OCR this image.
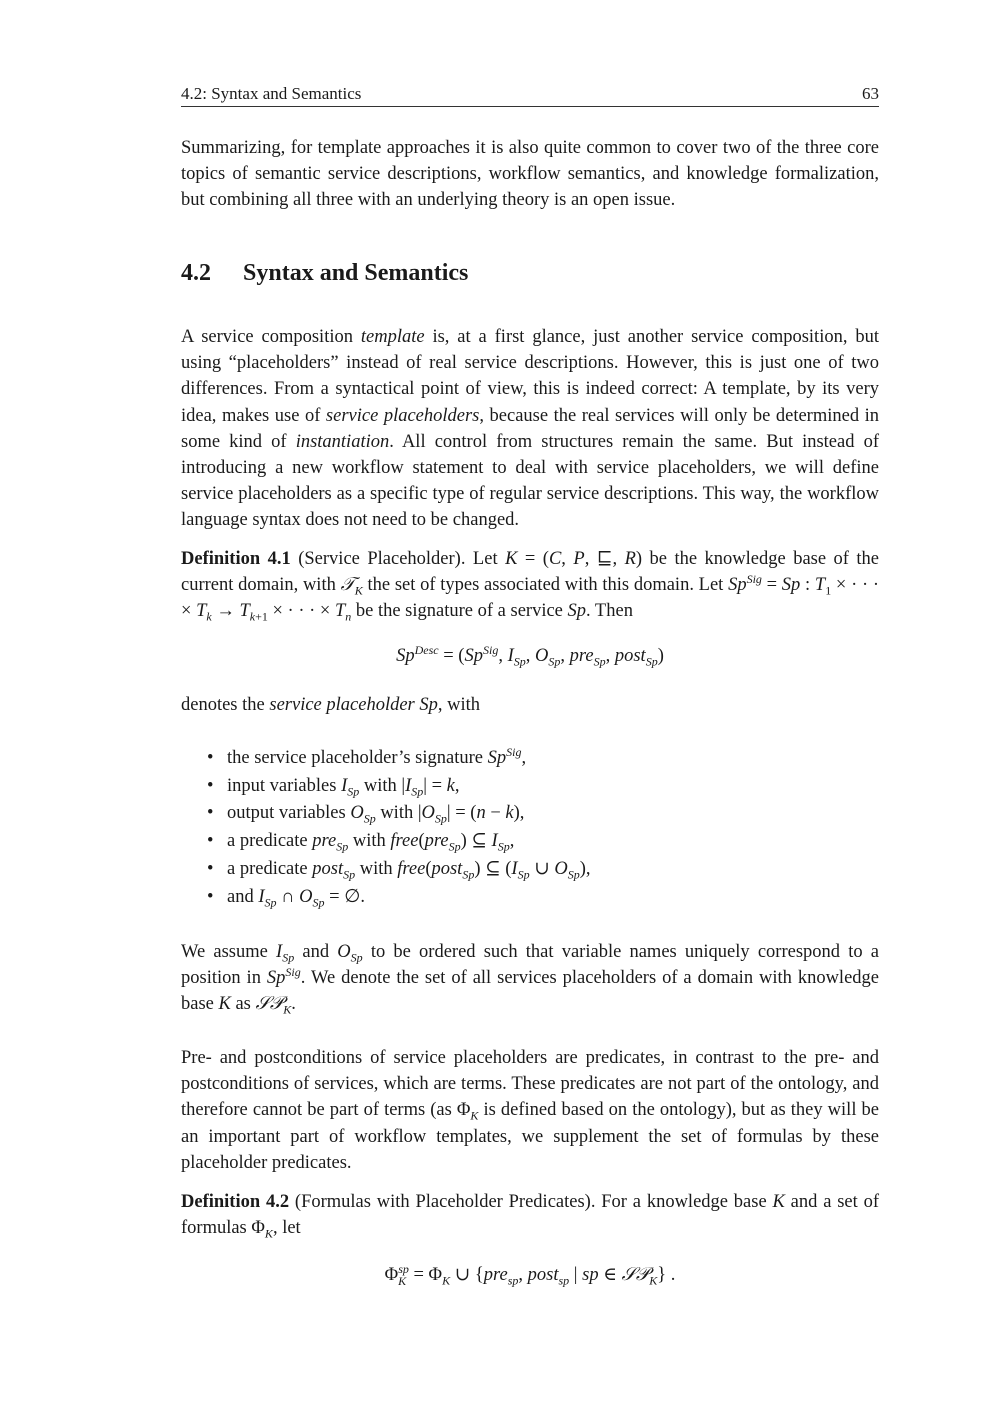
4.2: Syntax and Semantics	63

Summarizing, for template approaches it is also quite common to cover two of the three core topics of semantic service descriptions, workflow semantics, and knowledge formalization, but combining all three with an underlying theory is an open issue.

4.2 Syntax and Semantics

A service composition template is, at a first glance, just another service composition, but using “placeholders” instead of real service descriptions. However, this is just one of two differences. From a syntactical point of view, this is indeed correct: A template, by its very idea, makes use of service placeholders, because the real services will only be determined in some kind of instantiation. All control from structures remain the same. But instead of introducing a new workflow statement to deal with service placeholders, we will define service placeholders as a specific type of regular service descriptions. This way, the workflow language syntax does not need to be changed.

Definition 4.1 (Service Placeholder). Let K = (C, P, ⊑, R) be the knowledge base of the current domain, with 𝒯$_K$ the set of types associated with this domain. Let $Sp^{Sig} = Sp$ : $T_1$ × · · · × $T_k \to T_{k+1}$ × · · · × $T_n$ be the signature of a service Sp. Then

$Sp^{Desc} = (Sp^{Sig}$, $I_{Sp}$, $O_{Sp}$, pre$_{Sp}$, post$_{Sp}$)

denotes the service placeholder Sp, with

• the service placeholder’s signature $Sp^{Sig}$,
• input variables $I_{Sp}$ with $|I_{Sp}| = k$,
• output variables $O_{Sp}$ with $|O_{Sp}| = (n - k)$,
• a predicate pre$_{Sp}$ with free(pre$_{Sp}$) ⊆ $I_{Sp}$,
• a predicate post$_{Sp}$ with free(post$_{Sp}$) ⊆ ($I_{Sp}$ ∪ $O_{Sp}$),
• and $I_{Sp}$ ∩ $O_{Sp}$ = ∅.

We assume $I_{Sp}$ and $O_{Sp}$ to be ordered such that variable names uniquely correspond to a position in $Sp^{Sig}$. We denote the set of all services placeholders of a domain with knowledge base K as 𝒮𝒫$_K$.

Pre- and postconditions of service placeholders are predicates, in contrast to the pre- and postconditions of services, which are terms. These predicates are not part of the ontology, and therefore cannot be part of terms (as $\Phi_K$ is defined based on the ontology), but as they will be an important part of workflow templates, we supplement the set of formulas by these placeholder predicates.

Definition 4.2 (Formulas with Placeholder Predicates). For a knowledge base K and a set of formulas $\Phi_K$, let

$\Phi_K^{sp} = \Phi_K$ ∪ {pre$_{sp}$, post$_{sp}$ | sp ∈ 𝒮𝒫$_K$} .
